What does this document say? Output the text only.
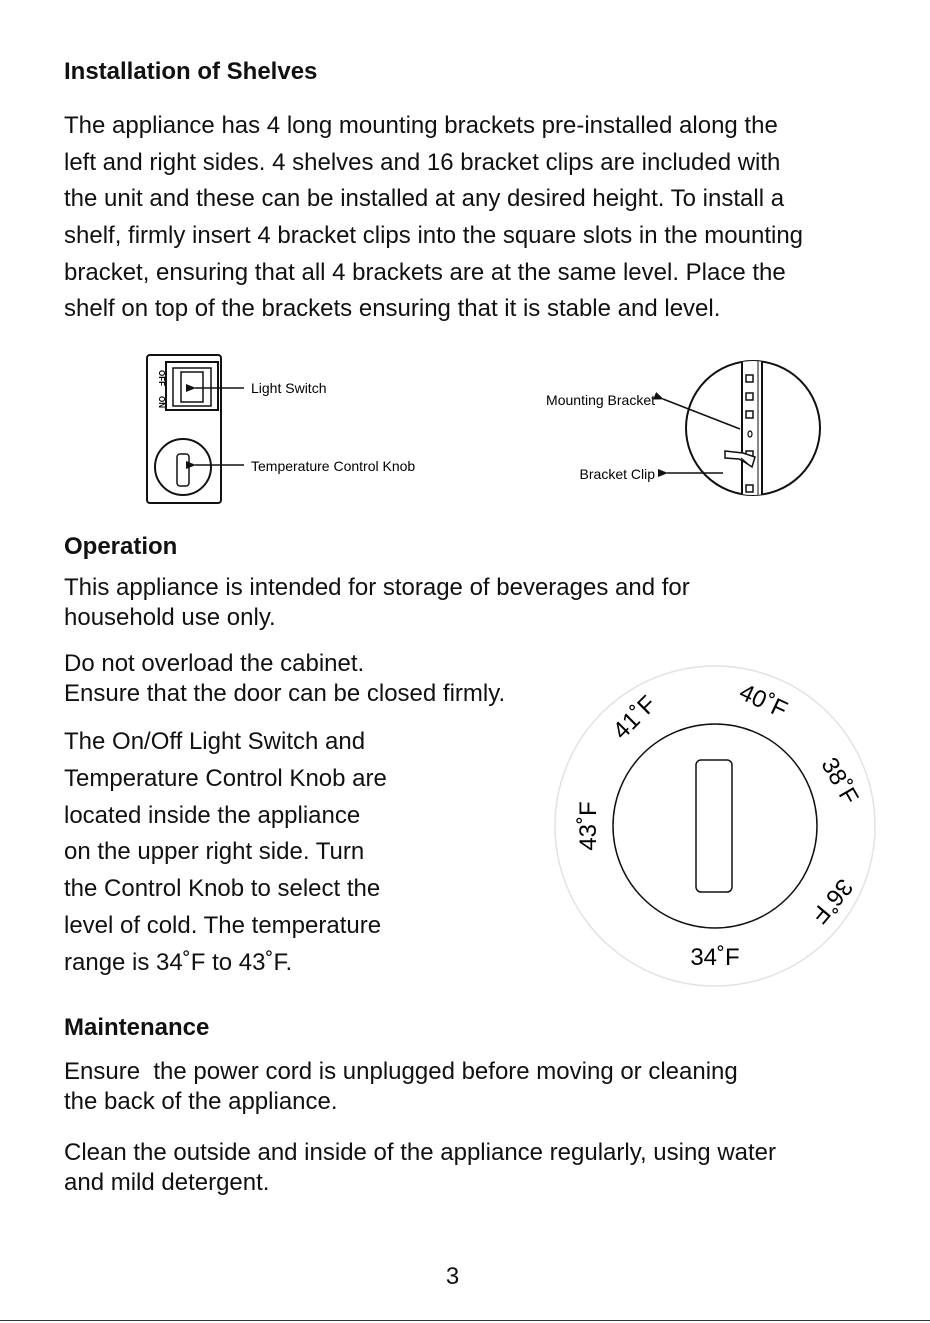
Installation of Shelves
The appliance has 4 long mounting brackets pre-installed along the
left and right sides. 4 shelves and 16 bracket clips are included with
the unit and these can be installed at any desired height. To install a
shelf, firmly insert 4 bracket clips into the square slots in the mounting
bracket, ensuring that all 4 brackets are at the same level. Place the
shelf on top of the brackets ensuring that it is stable and level.
OFF
ON
Light Switch
Temperature Control Knob
Mounting Bracket
Bracket Clip
Operation
This appliance is intended for storage of beverages and for
household use only.
Do not overload the cabinet.
Ensure that the door can be closed firmly.
The On/Off Light Switch and
Temperature Control Knob are
located inside the appliance
on the upper right side. Turn
the Control Knob to select the
level of cold. The temperature
range is 34˚F to 43˚F.
43˚F
41˚F	40˚F
38˚F
36˚F
34˚F
Maintenance
Ensure  the power cord is unplugged before moving or cleaning
the back of the appliance.
Clean the outside and inside of the appliance regularly, using water
and mild detergent.
3
